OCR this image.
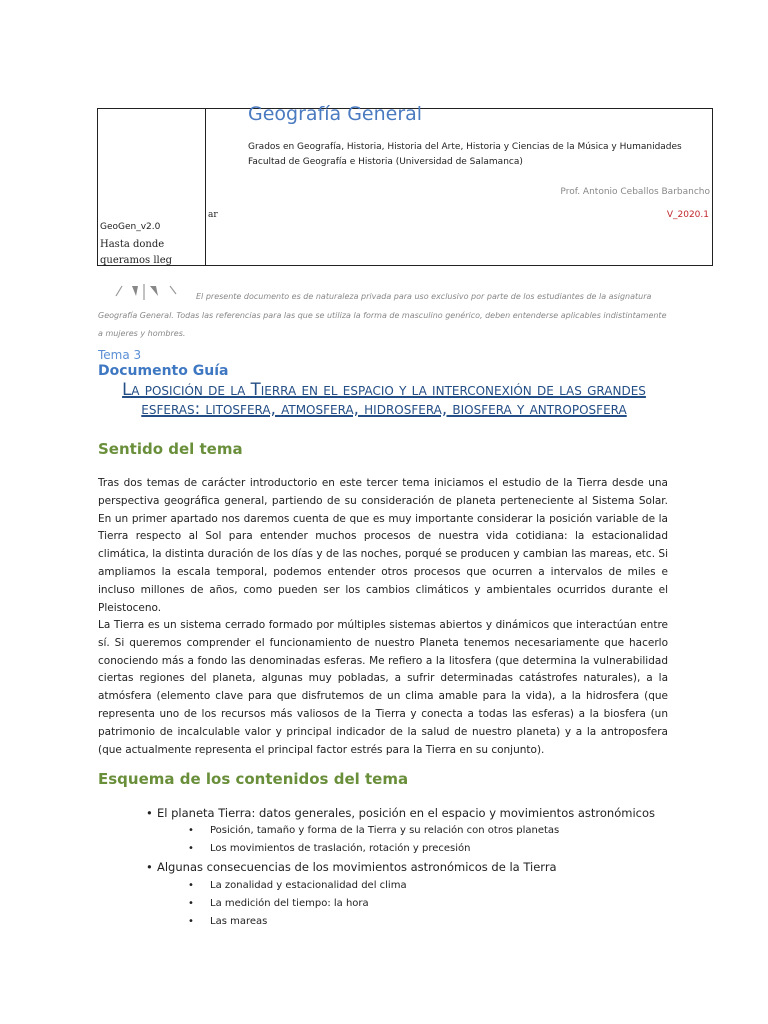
GeoGen_v2.0
Hasta donde queramos lleg
Geografía General
Grados en Geografía, Historia, Historia del Arte, Historia y Ciencias de la Música y Humanidades
Facultad de Geografía e Historia (Universidad de Salamanca)
Prof. Antonio Ceballos Barbancho
ar	V_2020.1

El presente documento es de naturaleza privada para uso exclusivo por parte de los estudiantes de la asignatura Geografía General. Todas las referencias para las que se utiliza la forma de masculino genérico, deben entenderse aplicables indistintamente a mujeres y hombres.

Tema 3
Documento Guía
La posición de la Tierra en el espacio y la interconexión de las grandes esferas: litosfera, atmosfera, hidrosfera, biosfera y antroposfera
Sentido del tema

Tras dos temas de carácter introductorio en este tercer tema iniciamos el estudio de la Tierra desde una perspectiva geográfica general, partiendo de su consideración de planeta perteneciente al Sistema Solar. En un primer apartado nos daremos cuenta de que es muy importante considerar la posición variable de la Tierra respecto al Sol para entender muchos procesos de nuestra vida cotidiana: la estacionalidad climática, la distinta duración de los días y de las noches, porqué se producen y cambian las mareas, etc. Si ampliamos la escala temporal, podemos entender otros procesos que ocurren a intervalos de miles e incluso millones de años, como pueden ser los cambios climáticos y ambientales ocurridos durante el Pleistoceno.

La Tierra es un sistema cerrado formado por múltiples sistemas abiertos y dinámicos que interactúan entre sí. Si queremos comprender el funcionamiento de nuestro Planeta tenemos necesariamente que hacerlo conociendo más a fondo las denominadas esferas. Me refiero a la litosfera (que determina la vulnerabilidad ciertas regiones del planeta, algunas muy pobladas, a sufrir determinadas catástrofes naturales), a la atmósfera (elemento clave para que disfrutemos de un clima amable para la vida), a la hidrosfera (que representa uno de los recursos más valiosos de la Tierra y conecta a todas las esferas) a la biosfera (un patrimonio de incalculable valor y principal indicador de la salud de nuestro planeta) y a la antroposfera (que actualmente representa el principal factor estrés para la Tierra en su conjunto).

Esquema de los contenidos del tema
• El planeta Tierra: datos generales, posición en el espacio y movimientos astronómicos
• Posición, tamaño y forma de la Tierra y su relación con otros planetas
• Los movimientos de traslación, rotación y precesión
• Algunas consecuencias de los movimientos astronómicos de la Tierra
• La zonalidad y estacionalidad del clima
• La medición del tiempo: la hora
• Las mareas
